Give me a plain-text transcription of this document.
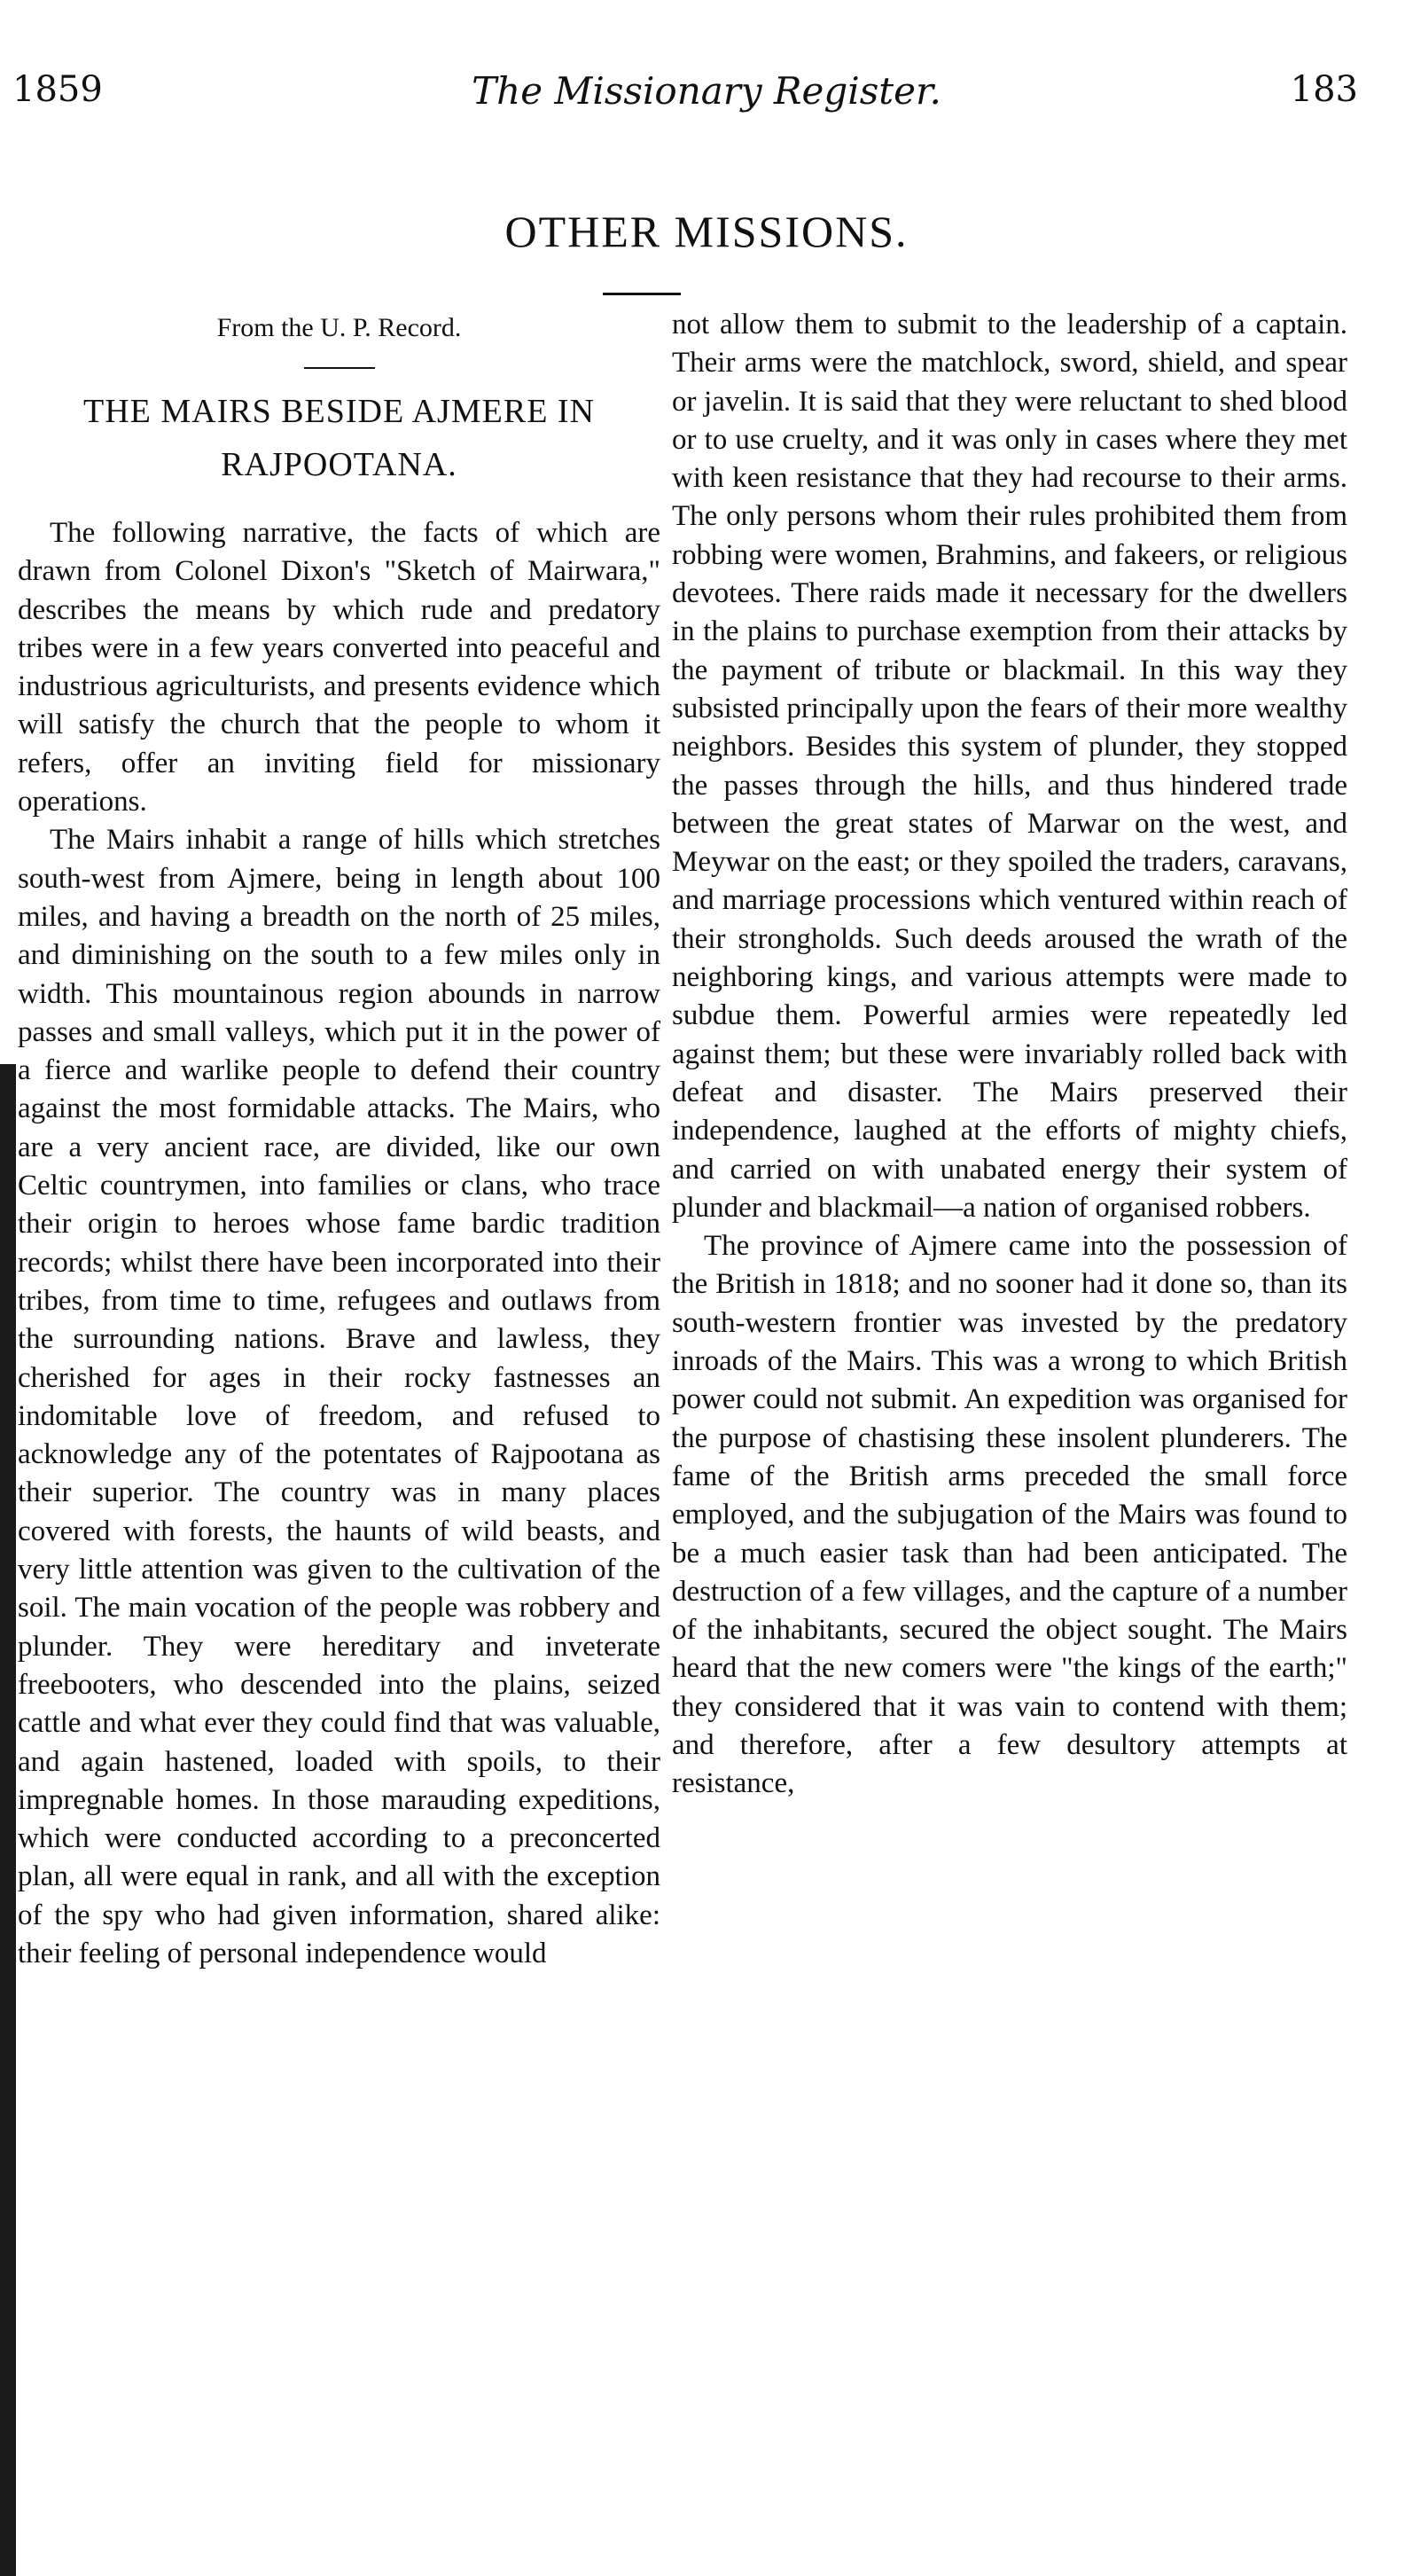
1859	The Missionary Register.	183
OTHER MISSIONS.

From the U. P. Record.

THE MAIRS BESIDE AJMERE IN RAJPOOTANA.

The following narrative, the facts of which are drawn from Colonel Dixon's "Sketch of Mairwara," describes the means by which rude and predatory tribes were in a few years converted into peaceful and industrious agriculturists, and presents evidence which will satisfy the church that the people to whom it refers, offer an inviting field for missionary operations.

The Mairs inhabit a range of hills which stretches south-west from Ajmere, being in length about 100 miles, and having a breadth on the north of 25 miles, and diminishing on the south to a few miles only in width. This mountainous region abounds in narrow passes and small valleys, which put it in the power of a fierce and warlike people to defend their country against the most formidable attacks. The Mairs, who are a very ancient race, are divided, like our own Celtic countrymen, into families or clans, who trace their origin to heroes whose fame bardic tradition records; whilst there have been incorporated into their tribes, from time to time, refugees and outlaws from the surrounding nations. Brave and lawless, they cherished for ages in their rocky fastnesses an indomitable love of freedom, and refused to acknowledge any of the potentates of Rajpootana as their superior. The country was in many places covered with forests, the haunts of wild beasts, and very little attention was given to the cultivation of the soil. The main vocation of the people was robbery and plunder. They were hereditary and inveterate freebooters, who descended into the plains, seized cattle and what ever they could find that was valuable, and again hastened, loaded with spoils, to their impregnable homes. In those marauding expeditions, which were conducted according to a preconcerted plan, all were equal in rank, and all with the exception of the spy who had given information, shared alike: their feeling of personal independence would

not allow them to submit to the leadership of a captain. Their arms were the matchlock, sword, shield, and spear or javelin. It is said that they were reluctant to shed blood or to use cruelty, and it was only in cases where they met with keen resistance that they had recourse to their arms. The only persons whom their rules prohibited them from robbing were women, Brahmins, and fakeers, or religious devotees. There raids made it necessary for the dwellers in the plains to purchase exemption from their attacks by the payment of tribute or blackmail. In this way they subsisted principally upon the fears of their more wealthy neighbors. Besides this system of plunder, they stopped the passes through the hills, and thus hindered trade between the great states of Marwar on the west, and Meywar on the east; or they spoiled the traders, caravans, and marriage processions which ventured within reach of their strongholds. Such deeds aroused the wrath of the neighboring kings, and various attempts were made to subdue them. Powerful armies were repeatedly led against them; but these were invariably rolled back with defeat and disaster. The Mairs preserved their independence, laughed at the efforts of mighty chiefs, and carried on with unabated energy their system of plunder and blackmail—a nation of organised robbers.

The province of Ajmere came into the possession of the British in 1818; and no sooner had it done so, than its south-western frontier was invested by the predatory inroads of the Mairs. This was a wrong to which British power could not submit. An expedition was organised for the purpose of chastising these insolent plunderers. The fame of the British arms preceded the small force employed, and the subjugation of the Mairs was found to be a much easier task than had been anticipated. The destruction of a few villages, and the capture of a number of the inhabitants, secured the object sought. The Mairs heard that the new comers were "the kings of the earth;" they considered that it was vain to contend with them; and therefore, after a few desultory attempts at resistance,
